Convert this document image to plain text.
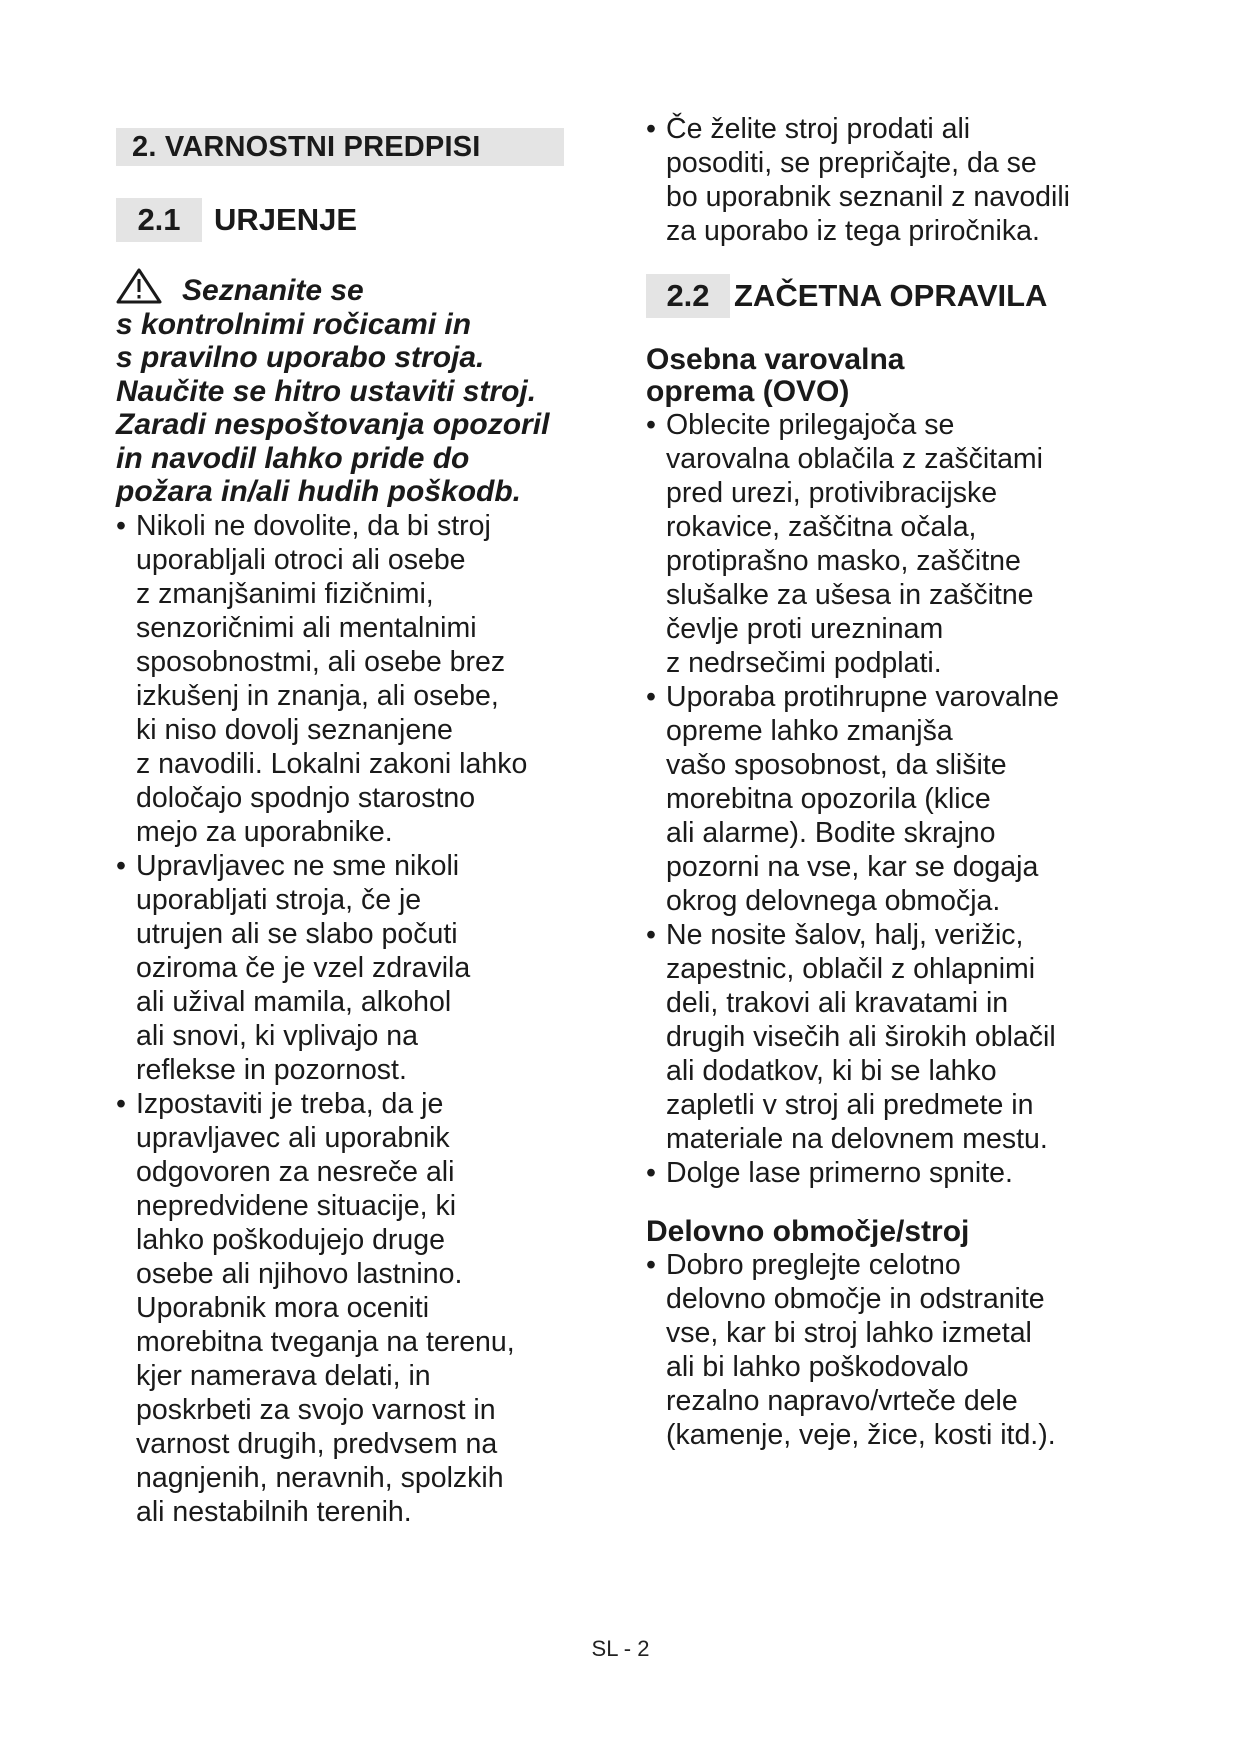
2. VARNOSTNI PREDPISI
2.1	URJENJE
Seznanite se
s kontrolnimi ročicami in
s pravilno uporabo stroja.
Naučite se hitro ustaviti stroj.
Zaradi nespoštovanja opozoril
in navodil lahko pride do
požara in/ali hudih poškodb.
• Nikoli ne dovolite, da bi stroj
uporabljali otroci ali osebe
z zmanjšanimi fizičnimi,
senzoričnimi ali mentalnimi
sposobnostmi, ali osebe brez
izkušenj in znanja, ali osebe,
ki niso dovolj seznanjene
z navodili. Lokalni zakoni lahko
določajo spodnjo starostno
mejo za uporabnike.
• Upravljavec ne sme nikoli
uporabljati stroja, če je
utrujen ali se slabo počuti
oziroma če je vzel zdravila
ali užival mamila, alkohol
ali snovi, ki vplivajo na
reflekse in pozornost.
• Izpostaviti je treba, da je
upravljavec ali uporabnik
odgovoren za nesreče ali
nepredvidene situacije, ki
lahko poškodujejo druge
osebe ali njihovo lastnino.
Uporabnik mora oceniti
morebitna tveganja na terenu,
kjer namerava delati, in
poskrbeti za svojo varnost in
varnost drugih, predvsem na
nagnjenih, neravnih, spolzkih
ali nestabilnih terenih.
• Če želite stroj prodati ali
posoditi, se prepričajte, da se
bo uporabnik seznanil z navodili
za uporabo iz tega priročnika.
2.2 ZAČETNA OPRAVILA
Osebna varovalna
oprema (OVO)
• Oblecite prilegajoča se
varovalna oblačila z zaščitami
pred urezi, protivibracijske
rokavice, zaščitna očala,
protiprašno masko, zaščitne
slušalke za ušesa in zaščitne
čevlje proti urezninam
z nedrsečimi podplati.
• Uporaba protihrupne varovalne
opreme lahko zmanjša
vašo sposobnost, da slišite
morebitna opozorila (klice
ali alarme). Bodite skrajno
pozorni na vse, kar se dogaja
okrog delovnega območja.
• Ne nosite šalov, halj, verižic,
zapestnic, oblačil z ohlapnimi
deli, trakovi ali kravatami in
drugih visečih ali širokih oblačil
ali dodatkov, ki bi se lahko
zapletli v stroj ali predmete in
materiale na delovnem mestu.
• Dolge lase primerno spnite.
Delovno območje/stroj
• Dobro preglejte celotno
delovno območje in odstranite
vse, kar bi stroj lahko izmetal
ali bi lahko poškodovalo
rezalno napravo/vrteče dele
(kamenje, veje, žice, kosti itd.).
SL - 2
